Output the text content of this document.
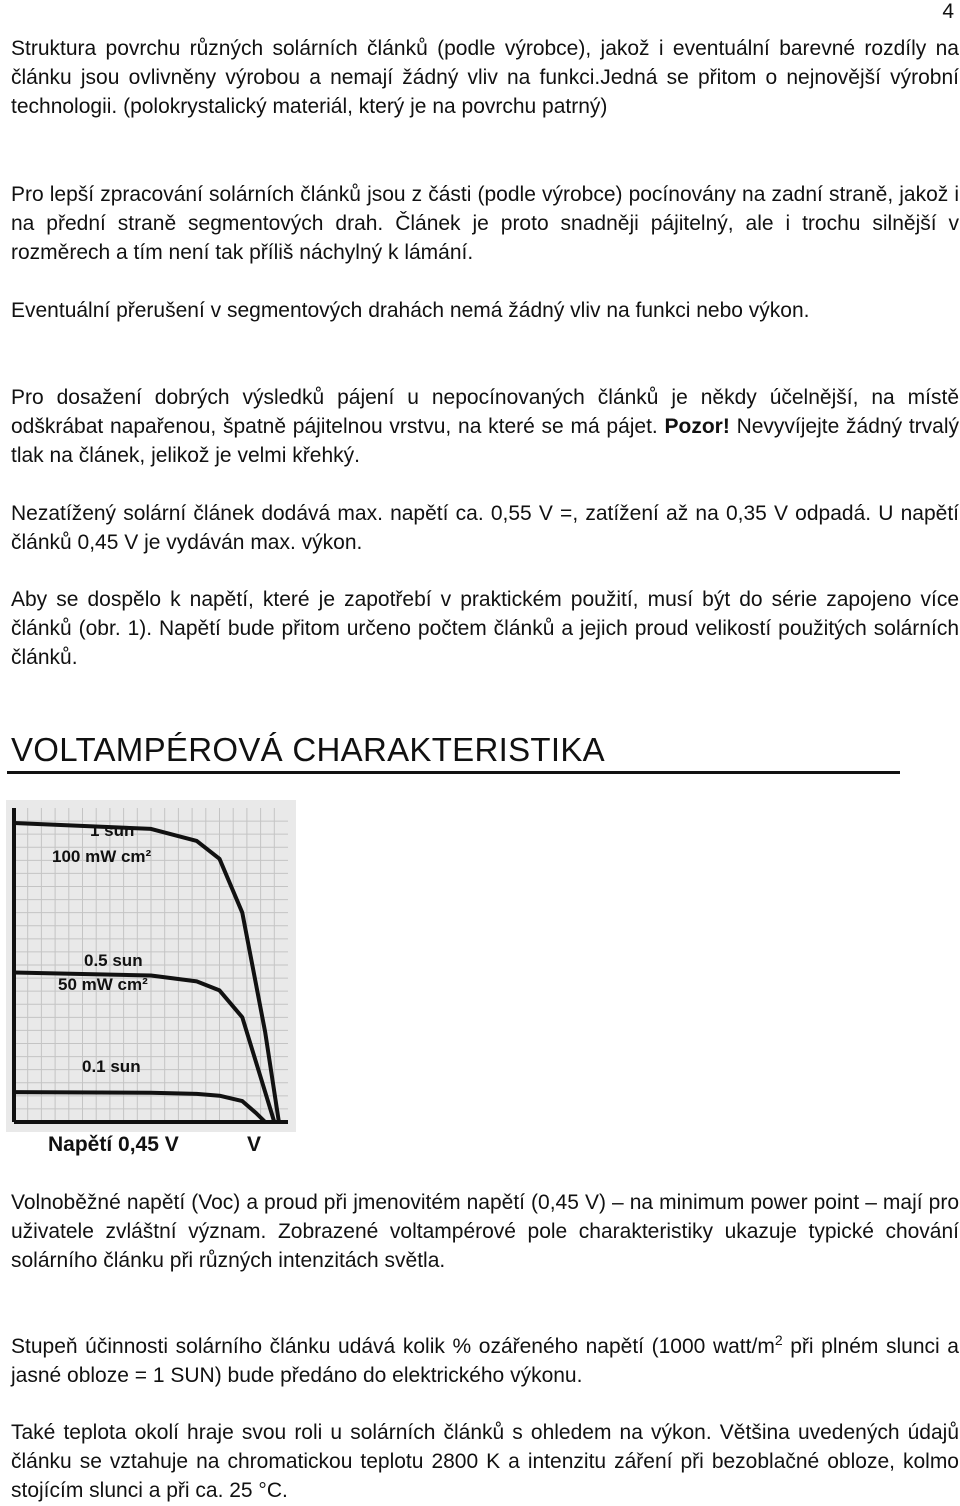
4

Struktura povrchu různých solárních článků (podle výrobce), jakož i eventuální barevné rozdíly na článku jsou ovlivněny výrobou a nemají žádný vliv na funkci.Jedná se přitom o nejnovější výrobní technologii. (polokrystalický materiál, který je na povrchu patrný)

Pro lepší zpracování solárních článků jsou z části (podle výrobce) pocínovány na zadní straně, jakož i na přední straně segmentových drah. Článek je proto snadněji pájitelný, ale i trochu silnější v rozměrech a tím není tak příliš náchylný k lámání.

Eventuální přerušení v segmentových drahách nemá žádný vliv na funkci nebo výkon.

Pro dosažení dobrých výsledků pájení u nepocínovaných článků je někdy účelnější, na místě odškrábat napařenou, špatně pájitelnou vrstvu, na které se má pájet. Pozor! Nevyvíjejte žádný trvalý tlak na článek, jelikož je velmi křehký.

Nezatížený solární článek dodává max. napětí ca. 0,55 V =, zatížení až na 0,35 V odpadá. U napětí článků 0,45 V je vydáván max. výkon.

Aby se dospělo k napětí, které je zapotřebí v praktickém použití, musí být do série zapojeno více článků (obr. 1). Napětí bude přitom určeno počtem článků a jejich proud velikostí použitých solárních článků.

VOLTAMPÉROVÁ CHARAKTERISTIKA
1 sun
100 mW cm²
0.5 sun
50 mW cm²
0.1 sun
Napětí 0,45 V	V

Volnoběžné napětí (Voc) a proud při jmenovitém napětí (0,45 V) – na minimum power point – mají pro uživatele zvláštní význam. Zobrazené voltampérové pole charakteristiky ukazuje typické chování solárního článku při různých intenzitách světla.

Stupeň účinnosti solárního článku udává kolik % ozářeného napětí (1000 watt/$m^2$ při plném slunci a jasné obloze = 1 SUN) bude předáno do elektrického výkonu.

Také teplota okolí hraje svou roli u solárních článků s ohledem na výkon. Většina uvedených údajů článku se vztahuje na chromatickou teplotu 2800 K a intenzitu záření při bezoblačné obloze, kolmo stojícím slunci a při ca. 25 °C.
